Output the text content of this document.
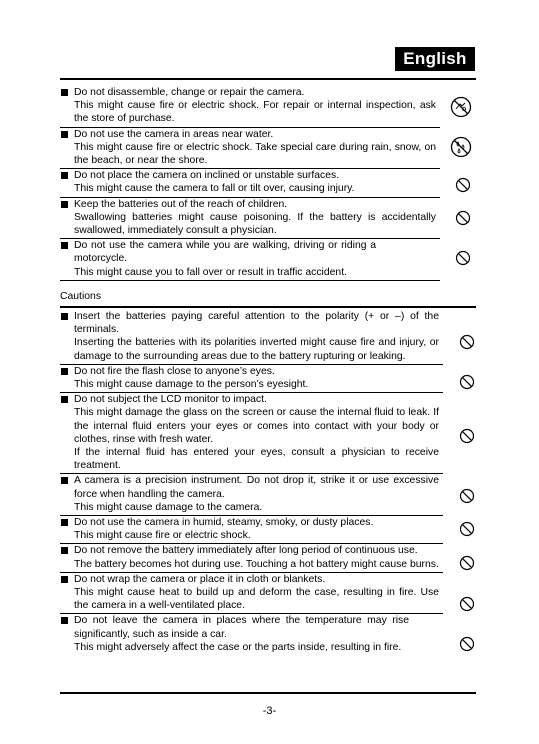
English
Do not disassemble, change or repair the camera.
This might cause fire or electric shock. For repair or internal inspection, ask the store of purchase.
Do not use the camera in areas near water.
This might cause fire or electric shock. Take special care during rain, snow, on the beach, or near the shore.
Do not place the camera on inclined or unstable surfaces.
This might cause the camera to fall or tilt over, causing injury.
Keep the batteries out of the reach of children.
Swallowing batteries might cause poisoning. If the battery is accidentally swallowed, immediately consult a physician.
Do not use the camera while you are walking, driving or riding a motorcycle.
This might cause you to fall over or result in traffic accident.
Cautions
Insert the batteries paying careful attention to the polarity (+ or –) of the terminals.
Inserting the batteries with its polarities inverted might cause fire and injury, or damage to the surrounding areas due to the battery rupturing or leaking.
Do not fire the flash close to anyone’s eyes.
This might cause damage to the person’s eyesight.
Do not subject the LCD monitor to impact.
This might damage the glass on the screen or cause the internal fluid to leak. If the internal fluid enters your eyes or comes into contact with your body or clothes, rinse with fresh water.
If the internal fluid has entered your eyes, consult a physician to receive treatment.
A camera is a precision instrument. Do not drop it, strike it or use excessive force when handling the camera.
This might cause damage to the camera.
Do not use the camera in humid, steamy, smoky, or dusty places.
This might cause fire or electric shock.
Do not remove the battery immediately after long period of continuous use.
The battery becomes hot during use. Touching a hot battery might cause burns.
Do not wrap the camera or place it in cloth or blankets.
This might cause heat to build up and deform the case, resulting in fire. Use the camera in a well-ventilated place.
Do not leave the camera in places where the temperature may rise significantly, such as inside a car.
This might adversely affect the case or the parts inside, resulting in fire.
-3-
